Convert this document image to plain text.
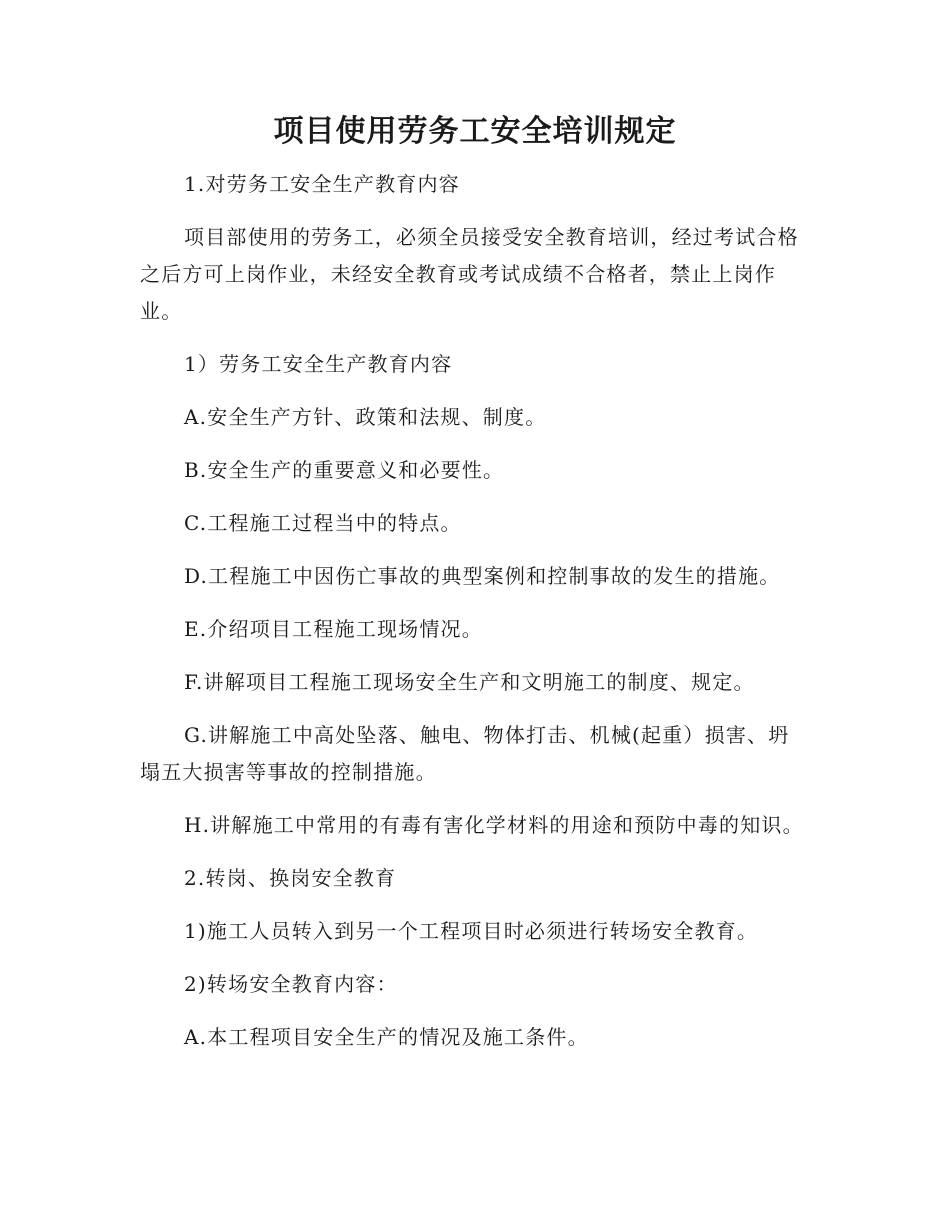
项目使用劳务工安全培训规定

1.对劳务工安全生产教育内容

项目部使用的劳务工，必须全员接受安全教育培训，经过考试合格之后方可上岗作业，未经安全教育或考试成绩不合格者，禁止上岗作业。

1）劳务工安全生产教育内容

A.安全生产方针、政策和法规、制度。

B.安全生产的重要意义和必要性。

C.工程施工过程当中的特点。

D.工程施工中因伤亡事故的典型案例和控制事故的发生的措施。

E.介绍项目工程施工现场情况。

F.讲解项目工程施工现场安全生产和文明施工的制度、规定。

G.讲解施工中高处坠落、触电、物体打击、机械(起重）损害、坍塌五大损害等事故的控制措施。

H.讲解施工中常用的有毒有害化学材料的用途和预防中毒的知识。

2.转岗、换岗安全教育

1)施工人员转入到另一个工程项目时必须进行转场安全教育。

2)转场安全教育内容：

A.本工程项目安全生产的情况及施工条件。
